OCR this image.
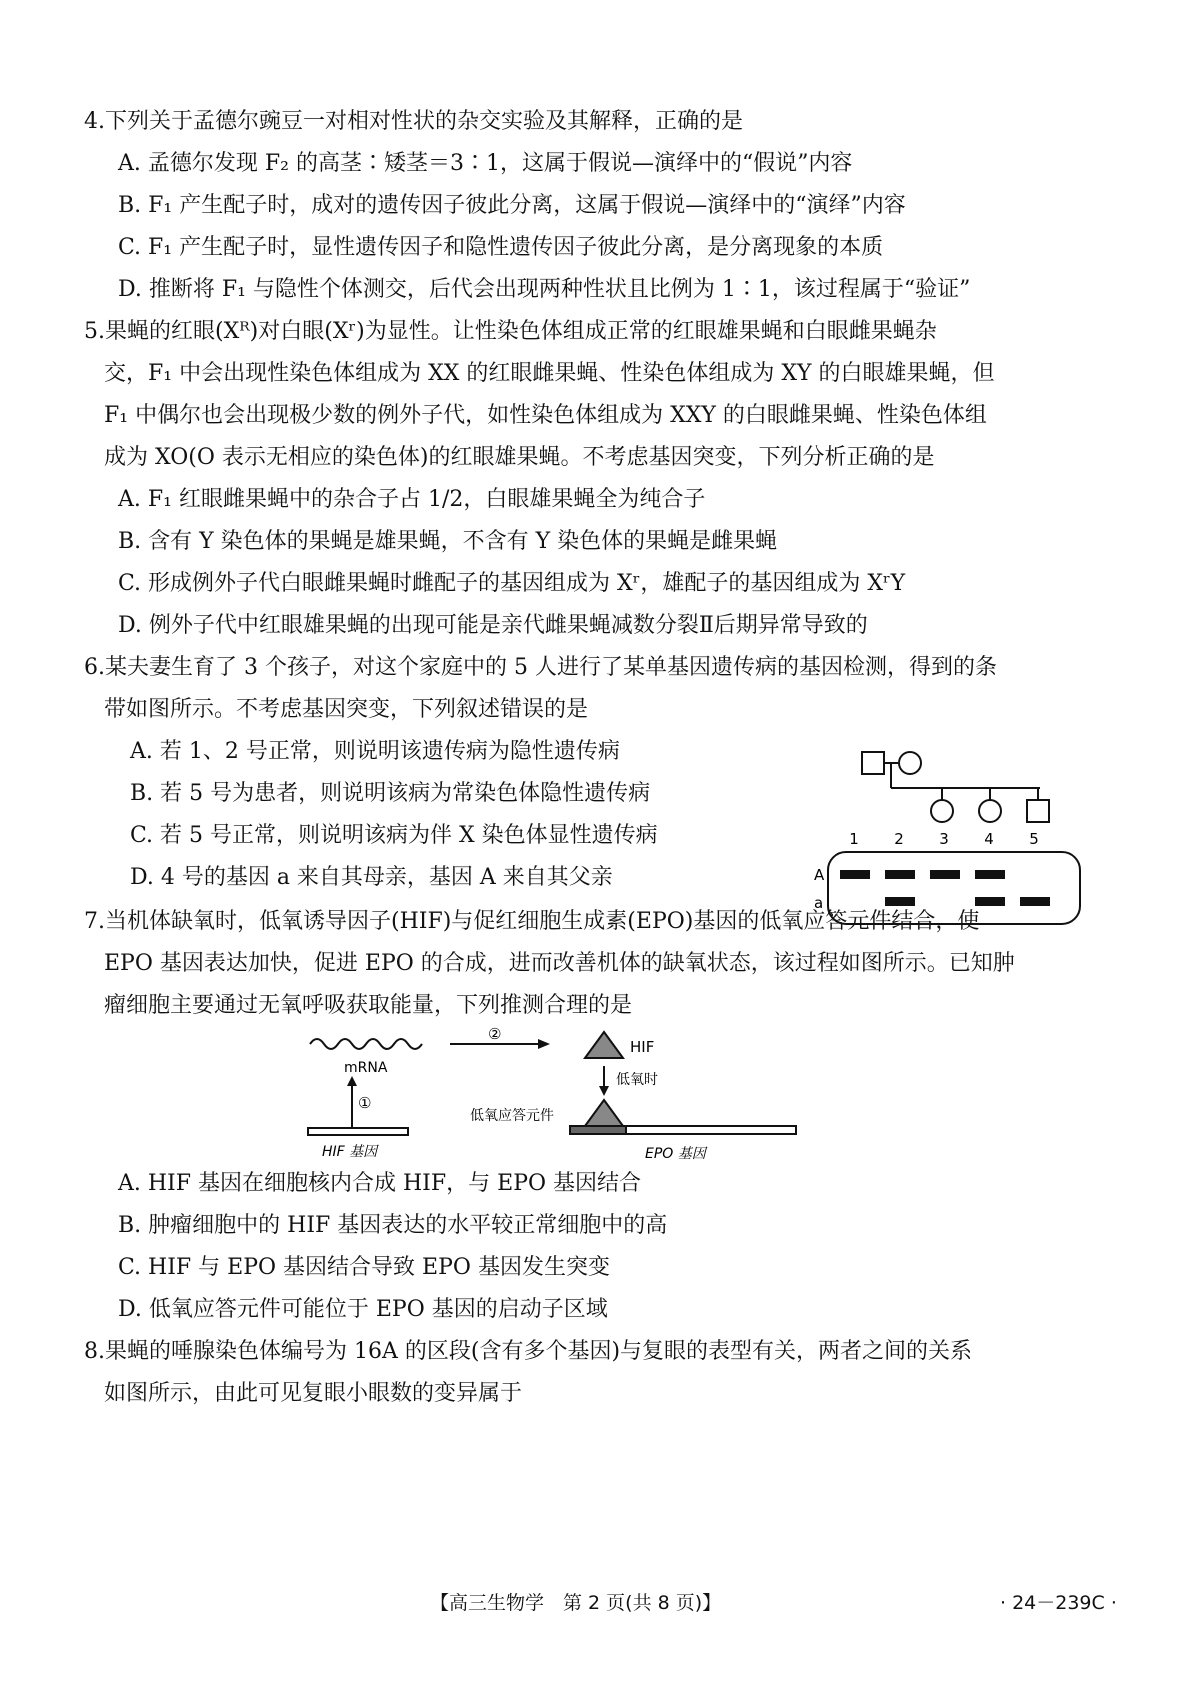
4.下列关于孟德尔豌豆一对相对性状的杂交实验及其解释，正确的是
A. 孟德尔发现 F₂ 的高茎∶矮茎＝3∶1，这属于假说—演绎中的“假说”内容
B. F₁ 产生配子时，成对的遗传因子彼此分离，这属于假说—演绎中的“演绎”内容
C. F₁ 产生配子时，显性遗传因子和隐性遗传因子彼此分离，是分离现象的本质
D. 推断将 F₁ 与隐性个体测交，后代会出现两种性状且比例为 1∶1，该过程属于“验证”
5.果蝇的红眼(Xᴿ)对白眼(Xʳ)为显性。让性染色体组成正常的红眼雄果蝇和白眼雌果蝇杂
交，F₁ 中会出现性染色体组成为 XX 的红眼雌果蝇、性染色体组成为 XY 的白眼雄果蝇，但
F₁ 中偶尔也会出现极少数的例外子代，如性染色体组成为 XXY 的白眼雌果蝇、性染色体组
成为 XO(O 表示无相应的染色体)的红眼雄果蝇。不考虑基因突变，下列分析正确的是
A. F₁ 红眼雌果蝇中的杂合子占 1/2，白眼雄果蝇全为纯合子
B. 含有 Y 染色体的果蝇是雄果蝇，不含有 Y 染色体的果蝇是雌果蝇
C. 形成例外子代白眼雌果蝇时雌配子的基因组成为 Xʳ，雄配子的基因组成为 XʳY
D. 例外子代中红眼雄果蝇的出现可能是亲代雌果蝇减数分裂Ⅱ后期异常导致的
6.某夫妻生育了 3 个孩子，对这个家庭中的 5 人进行了某单基因遗传病的基因检测，得到的条
带如图所示。不考虑基因突变，下列叙述错误的是
A. 若 1、2 号正常，则说明该遗传病为隐性遗传病
B. 若 5 号为患者，则说明该病为常染色体隐性遗传病
C. 若 5 号正常，则说明该病为伴 X 染色体显性遗传病
D. 4 号的基因 a 来自其母亲，基因 A 来自其父亲
1 2 3 4 5
A
a
7.当机体缺氧时，低氧诱导因子(HIF)与促红细胞生成素(EPO)基因的低氧应答元件结合，使
EPO 基因表达加快，促进 EPO 的合成，进而改善机体的缺氧状态，该过程如图所示。已知肿
瘤细胞主要通过无氧呼吸获取能量，下列推测合理的是
mRNA
①
HIF 基因
②
HIF
低氧时
低氧应答元件
EPO 基因
A. HIF 基因在细胞核内合成 HIF，与 EPO 基因结合
B. 肿瘤细胞中的 HIF 基因表达的水平较正常细胞中的高
C. HIF 与 EPO 基因结合导致 EPO 基因发生突变
D. 低氧应答元件可能位于 EPO 基因的启动子区域
8.果蝇的唾腺染色体编号为 16A 的区段(含有多个基因)与复眼的表型有关，两者之间的关系
如图所示，由此可见复眼小眼数的变异属于
【高三生物学　第 2 页(共 8 页)】	· 24－239C ·
